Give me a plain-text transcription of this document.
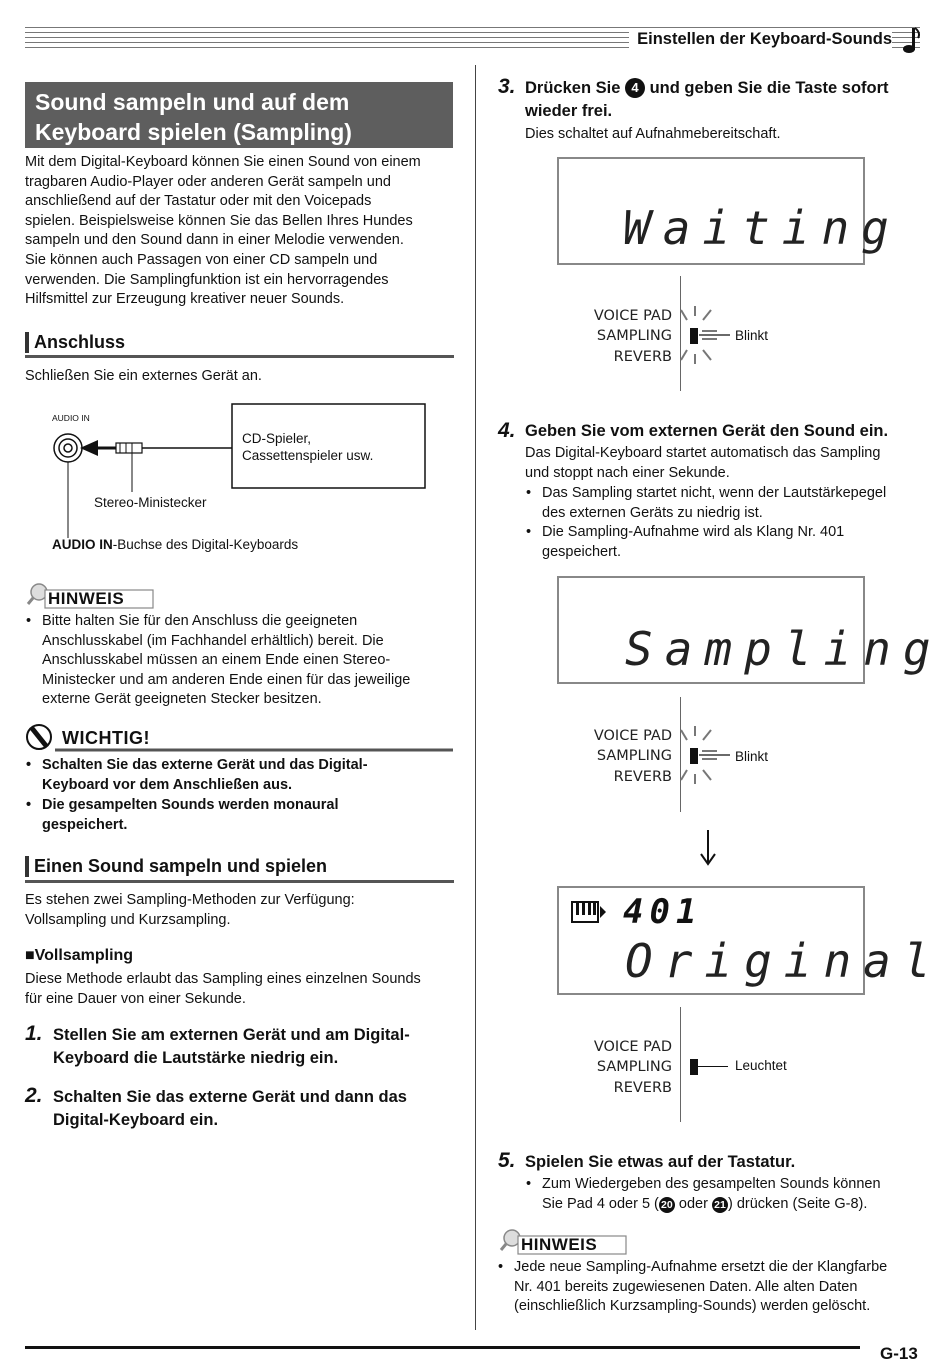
Einstellen der Keyboard-Sounds
Sound sampeln und auf dem
Keyboard spielen (Sampling)
Mit dem Digital-Keyboard können Sie einen Sound von einem
tragbaren Audio-Player oder anderen Gerät sampeln und
anschließend auf der Tastatur oder mit den Voicepads
spielen. Beispielsweise können Sie das Bellen Ihres Hundes
sampeln und den Sound dann in einer Melodie verwenden.
Sie können auch Passagen von einer CD sampeln und
verwenden. Die Samplingfunktion ist ein hervorragendes
Hilfsmittel zur Erzeugung kreativer neuer Sounds.
Anschluss
Schließen Sie ein externes Gerät an.
AUDIO IN
CD-Spieler,
Cassettenspieler usw.
Stereo-Ministecker
AUDIO IN-Buchse des Digital-Keyboards
HINWEIS
• Bitte halten Sie für den Anschluss die geeigneten
Anschlusskabel (im Fachhandel erhältlich) bereit. Die
Anschlusskabel müssen an einem Ende einen Stereo-
Ministecker und am anderen Ende einen für das jeweilige
externe Gerät geeigneten Stecker besitzen.
WICHTIG!
• Schalten Sie das externe Gerät und das Digital-
Keyboard vor dem Anschließen aus.
• Die gesampelten Sounds werden monaural
gespeichert.
Einen Sound sampeln und spielen
Es stehen zwei Sampling-Methoden zur Verfügung:
Vollsampling und Kurzsampling.
■Vollsampling
Diese Methode erlaubt das Sampling eines einzelnen Sounds
für eine Dauer von einer Sekunde.
1. Stellen Sie am externen Gerät und am Digital-
Keyboard die Lautstärke niedrig ein.
2. Schalten Sie das externe Gerät und dann das
Digital-Keyboard ein.
3. Drücken Sie 4 und geben Sie die Taste sofort
wieder frei.
Dies schaltet auf Aufnahmebereitschaft.
Waiting
VOICE PAD
SAMPLING
REVERB
Blinkt
4. Geben Sie vom externen Gerät den Sound ein.
Das Digital-Keyboard startet automatisch das Sampling
und stoppt nach einer Sekunde.
• Das Sampling startet nicht, wenn der Lautstärkepegel
des externen Geräts zu niedrig ist.
• Die Sampling-Aufnahme wird als Klang Nr. 401
gespeichert.
Sampling
VOICE PAD
SAMPLING
REVERB
Blinkt
401
Original
VOICE PAD
SAMPLING
REVERB
Leuchtet
5. Spielen Sie etwas auf der Tastatur.
• Zum Wiedergeben des gesampelten Sounds können
Sie Pad 4 oder 5 ( 20 oder 21 ) drücken (Seite G-8).
HINWEIS
• Jede neue Sampling-Aufnahme ersetzt die der Klangfarbe
Nr. 401 bereits zugewiesenen Daten. Alle alten Daten
(einschließlich Kurzsampling-Sounds) werden gelöscht.
G-13
